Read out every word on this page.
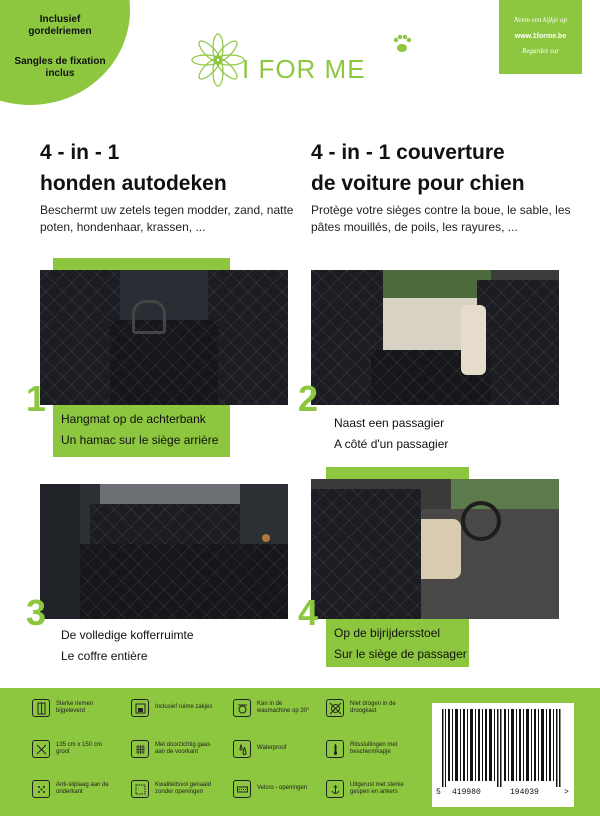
Inclusief gordelriemen
Sangles de fixation inclus	I FOR ME
Neem een kijkje op
www.1forme.be
Regardez sur
4 - in - 1
honden autodeken
4 - in - 1 couverture
de voiture pour chien
Beschermt uw zetels tegen modder, zand, natte poten, hondenhaar, krassen, ...
Protège votre sièges contre la boue, le sable, les pâtes mouillés, de poils, les rayures, ...
1 Hangmat op de achterbank
Un hamac sur le siège arrière
2
Naast een passagier
A côté d'un passagier
3
De volledige kofferruimte
Le coffre entière
4 Op de bijrijdersstoel
Sur le siège de passager
Sterke riemen bijgeleverd
Inclusief ruime zakjes
Kan in de wasmachine op 30°
Niet drogen in de droogkast
135 cm x 150 cm groot
Met doorzichtig gaas aan de voorkant
Waterproof
Ritssluitingen met beschermkapje
Anti-sliplaag aan de onderkant
Kwaliteitsvol genaaid zonder openingen
Velcro - openingen
Uitgerust met sterke gespen en ankers	5 419980	194039	>
